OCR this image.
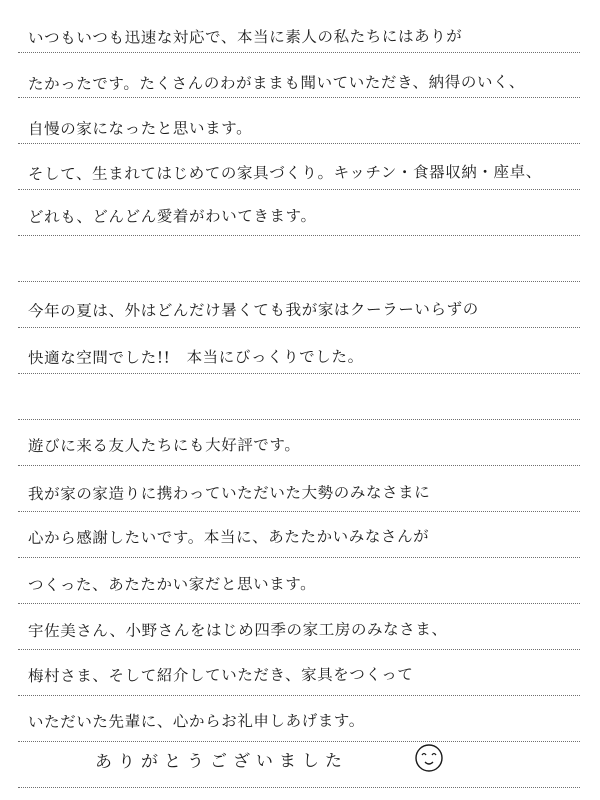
いつもいつも迅速な対応で、本当に素人の私たちにはありが
たかったです。たくさんのわがままも聞いていただき、納得のいく、
自慢の家になったと思います。
そして、生まれてはじめての家具づくり。キッチン・食器収納・座卓、
どれも、どんどん愛着がわいてきます。
今年の夏は、外はどんだけ暑くても我が家はクーラーいらずの
快適な空間でした!!　本当にびっくりでした。
遊びに来る友人たちにも大好評です。
我が家の家造りに携わっていただいた大勢のみなさまに
心から感謝したいです。本当に、あたたかいみなさんが
つくった、あたたかい家だと思います。
宇佐美さん、小野さんをはじめ四季の家工房のみなさま、
梅村さま、そして紹介していただき、家具をつくって
いただいた先輩に、心からお礼申しあげます。
ありがとうございました
